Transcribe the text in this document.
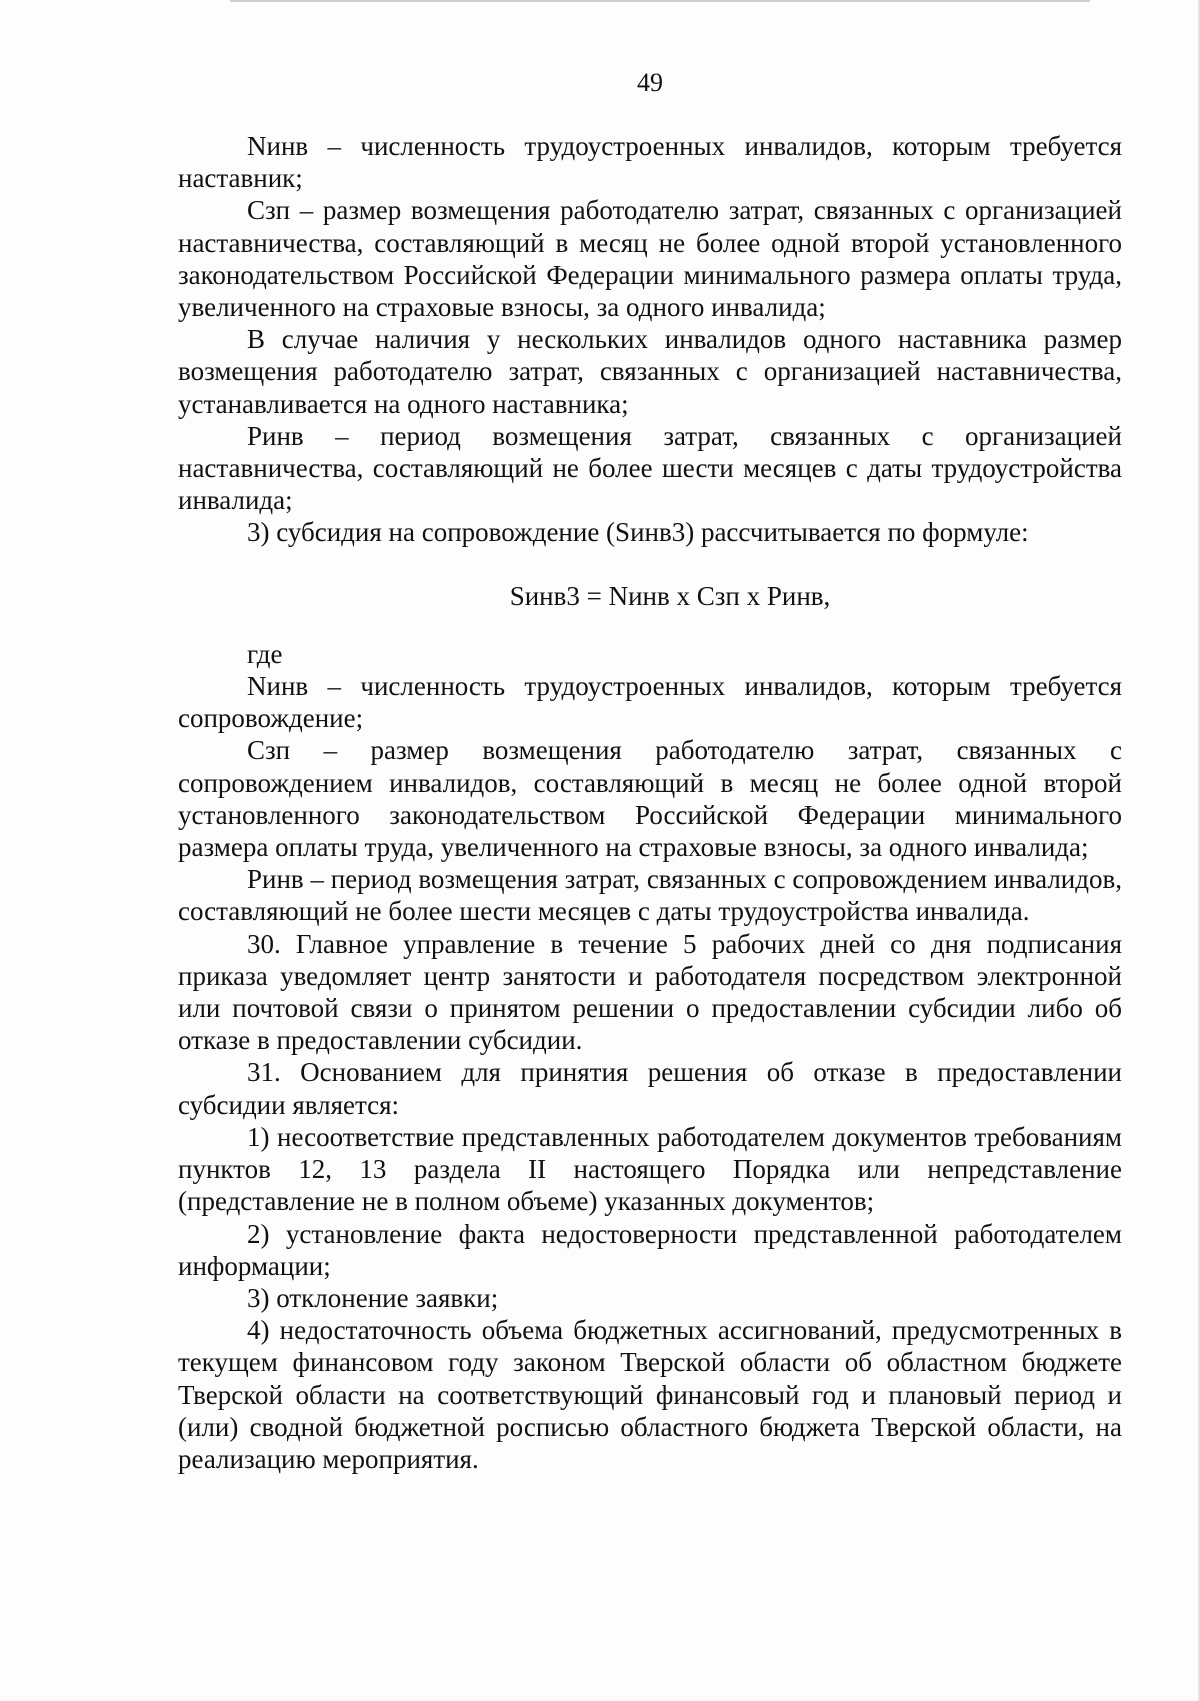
49

Nинв – численность трудоустроенных инвалидов, которым требуется наставник;

Сзп – размер возмещения работодателю затрат, связанных с организацией наставничества, составляющий в месяц не более одной второй установленного законодательством Российской Федерации минимального размера оплаты труда, увеличенного на страховые взносы, за одного инвалида;

В случае наличия у нескольких инвалидов одного наставника размер возмещения работодателю затрат, связанных с организацией наставничества, устанавливается на одного наставника;

Ринв – период возмещения затрат, связанных с организацией наставничества, составляющий не более шести месяцев с даты трудоустройства инвалида;

3) субсидия на сопровождение (Sинв3) рассчитывается по формуле:

Sинв3 = Nинв х Сзп х Ринв,

где

Nинв – численность трудоустроенных инвалидов, которым требуется сопровождение;

Сзп – размер возмещения работодателю затрат, связанных с сопровождением инвалидов, составляющий в месяц не более одной второй установленного законодательством Российской Федерации минимального размера оплаты труда, увеличенного на страховые взносы, за одного инвалида;

Ринв – период возмещения затрат, связанных с сопровождением инвалидов, составляющий не более шести месяцев с даты трудоустройства инвалида.

30. Главное управление в течение 5 рабочих дней со дня подписания приказа уведомляет центр занятости и работодателя посредством электронной или почтовой связи о принятом решении о предоставлении субсидии либо об отказе в предоставлении субсидии.

31. Основанием для принятия решения об отказе в предоставлении субсидии является:

1) несоответствие представленных работодателем документов требованиям пунктов 12, 13 раздела II настоящего Порядка или непредставление (представление не в полном объеме) указанных документов;

2) установление факта недостоверности представленной работодателем информации;

3) отклонение заявки;

4) недостаточность объема бюджетных ассигнований, предусмотренных в текущем финансовом году законом Тверской области об областном бюджете Тверской области на соответствующий финансовый год и плановый период и (или) сводной бюджетной росписью областного бюджета Тверской области, на реализацию мероприятия.
